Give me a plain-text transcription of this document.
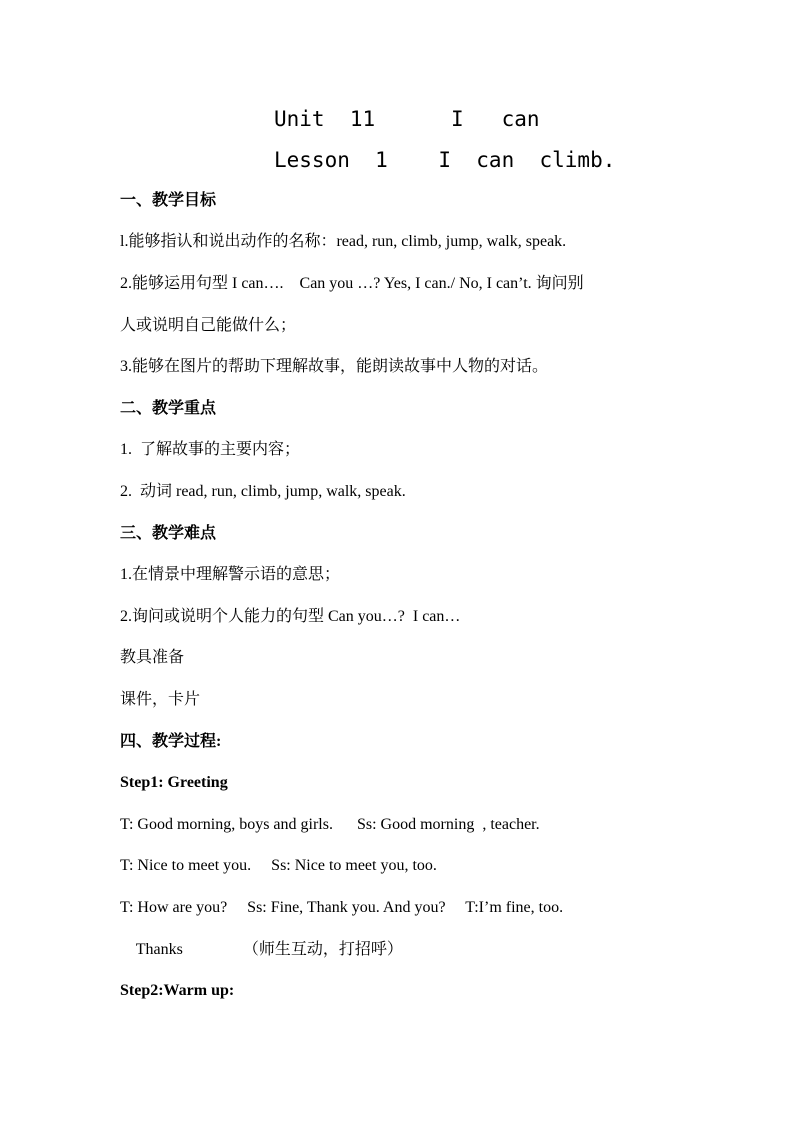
Unit  11      I   can
Lesson  1    I  can  climb.
一、教学目标
l.能够指认和说出动作的名称：read, run, climb, jump, walk, speak.
2.能够运用句型 I can….    Can you …? Yes, I can./ No, I can’t. 询问别
人或说明自己能做什么；
3.能够在图片的帮助下理解故事，能朗读故事中人物的对话。
二、教学重点
1.  了解故事的主要内容；
2.  动词 read, run, climb, jump, walk, speak.
三、教学难点
1.在情景中理解警示语的意思；
2.询问或说明个人能力的句型 Can you…?  I can…
教具准备
课件，卡片
四、教学过程:
Step1: Greeting
T: Good morning, boys and girls.      Ss: Good morning  , teacher.
T: Nice to meet you.     Ss: Nice to meet you, too.
T: How are you?     Ss: Fine, Thank you. And you?     T:I’m fine, too.
Thanks               （师生互动，打招呼）
Step2:Warm up:
